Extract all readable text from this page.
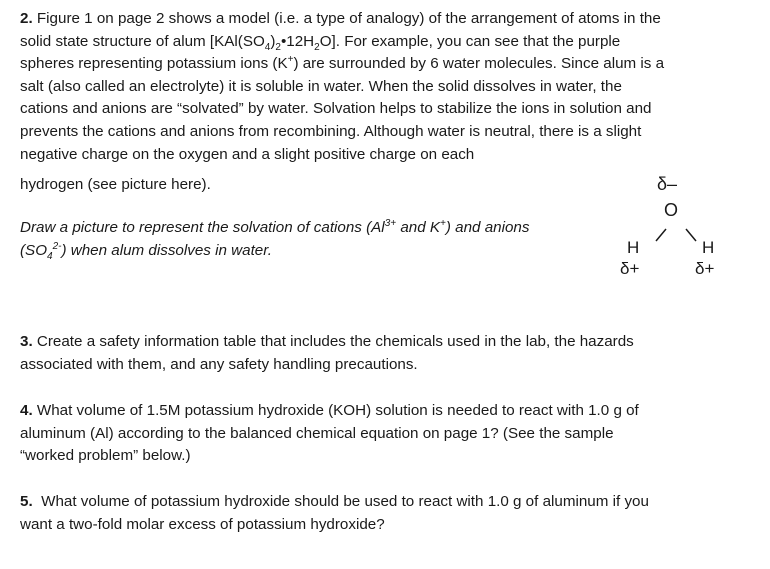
2. Figure 1 on page 2 shows a model (i.e. a type of analogy) of the arrangement of atoms in the
solid state structure of alum $[KAl(SO_4)_2•12H_2O]$. For example, you can see that the purple
spheres representing potassium ions (K+) are surrounded by 6 water molecules. Since alum is a
salt (also called an electrolyte) it is soluble in water. When the solid dissolves in water, the
cations and anions are “solvated” by water. Solvation helps to stabilize the ions in solution and
prevents the cations and anions from recombining. Although water is neutral, there is a slight
negative charge on the oxygen and a slight positive charge on each
hydrogen (see picture here).
Draw a picture to represent the solvation of cations ($Al^{3+}$ and K+) and anions
$(SO_4^{2-})$ when alum dissolves in water.
δ–
O
H	H
δ+	δ+
3. Create a safety information table that includes the chemicals used in the lab, the hazards
associated with them, and any safety handling precautions.
4. What volume of 1.5M potassium hydroxide (KOH) solution is needed to react with 1.0 g of
aluminum (Al) according to the balanced chemical equation on page 1? (See the sample
“worked problem” below.)
5.  What volume of potassium hydroxide should be used to react with 1.0 g of aluminum if you
want a two-fold molar excess of potassium hydroxide?
